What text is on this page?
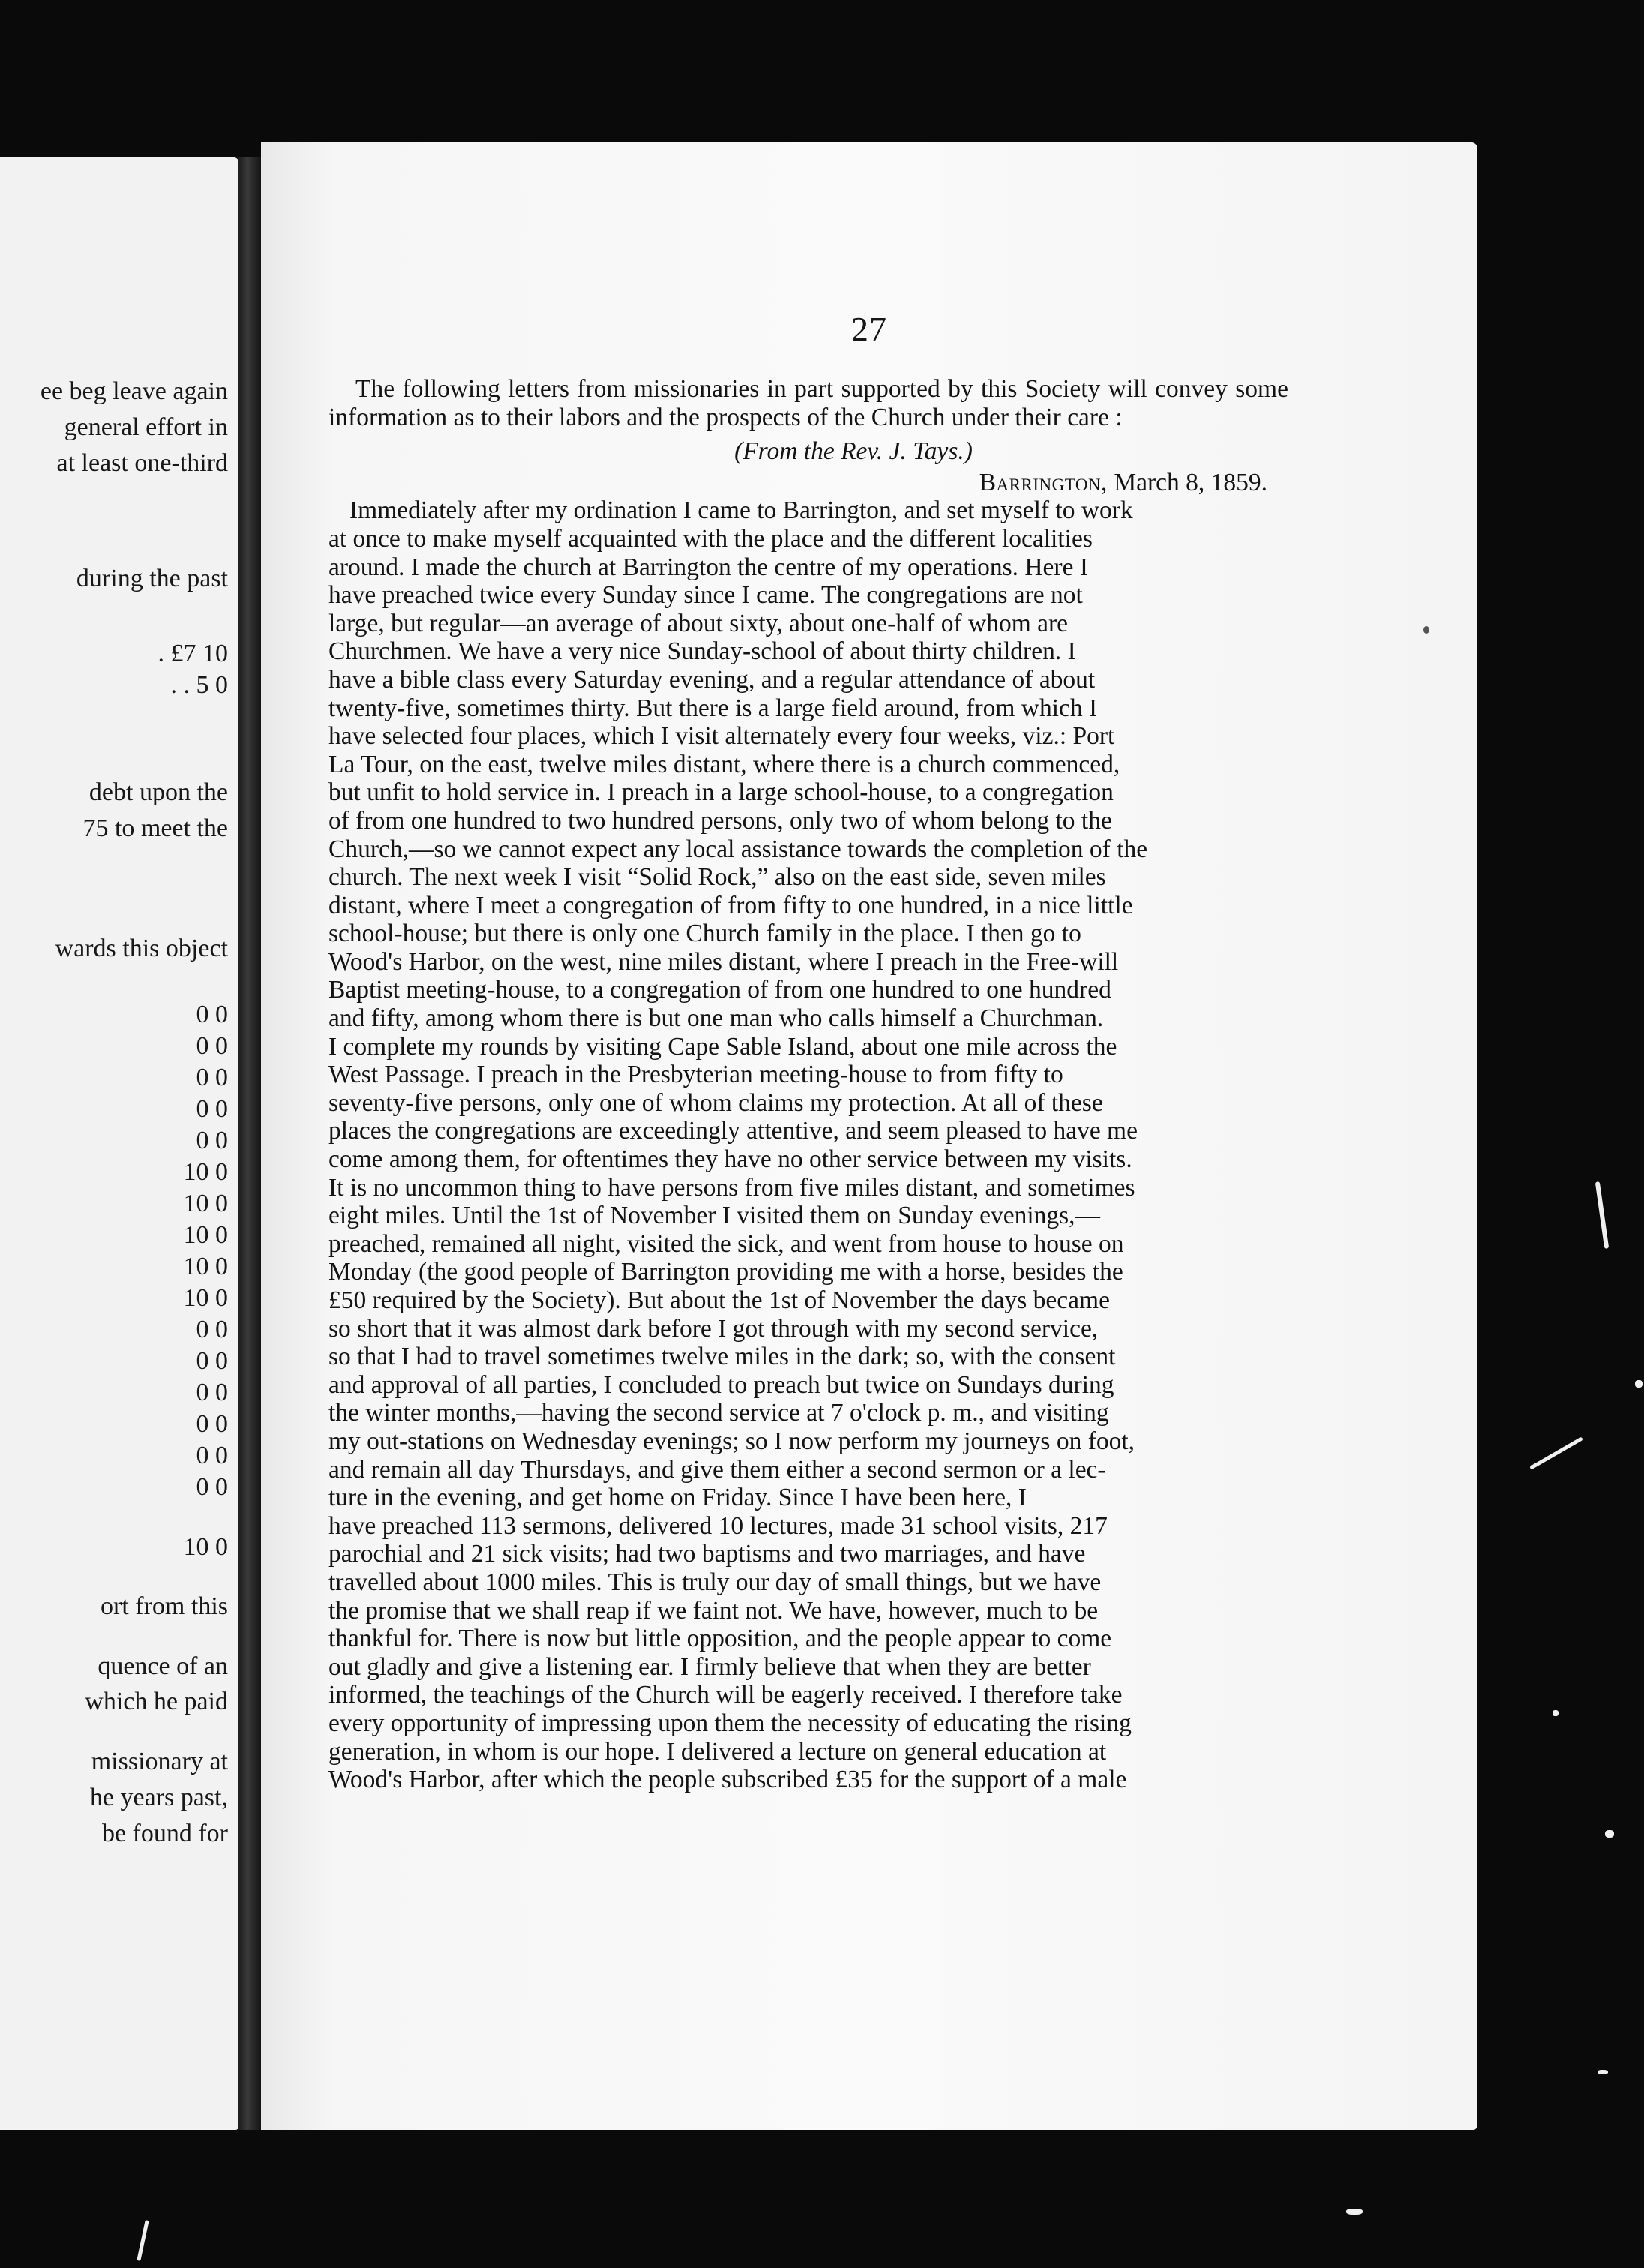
ee beg leave again
general effort in
at least one-third
during the past
. £7 10
. . 5 0
debt upon the
75 to meet the
wards this object
0 0
0 0
0 0
0 0
0 0
10 0
10 0
10 0
10 0
10 0
0 0
0 0
0 0
0 0
0 0
0 0
10 0
ort from this
quence of an
which he paid
missionary at
he years past,
be found for
27

The following letters from missionaries in part supported by this Society will convey some information as to their labors and the prospects of the Church under their care :

(From the Rev. J. Tays.)

Barrington, March 8, 1859.

Immediately after my ordination I came to Barrington, and set myself to work
at once to make myself acquainted with the place and the different localities
around. I made the church at Barrington the centre of my operations. Here I
have preached twice every Sunday since I came. The congregations are not
large, but regular—an average of about sixty, about one-half of whom are
Churchmen. We have a very nice Sunday-school of about thirty children. I
have a bible class every Saturday evening, and a regular attendance of about
twenty-five, sometimes thirty. But there is a large field around, from which I
have selected four places, which I visit alternately every four weeks, viz.: Port
La Tour, on the east, twelve miles distant, where there is a church commenced,
but unfit to hold service in. I preach in a large school-house, to a congregation
of from one hundred to two hundred persons, only two of whom belong to the
Church,—so we cannot expect any local assistance towards the completion of the
church. The next week I visit “Solid Rock,” also on the east side, seven miles
distant, where I meet a congregation of from fifty to one hundred, in a nice little
school-house; but there is only one Church family in the place. I then go to
Wood's Harbor, on the west, nine miles distant, where I preach in the Free-will
Baptist meeting-house, to a congregation of from one hundred to one hundred
and fifty, among whom there is but one man who calls himself a Churchman.
I complete my rounds by visiting Cape Sable Island, about one mile across the
West Passage. I preach in the Presbyterian meeting-house to from fifty to
seventy-five persons, only one of whom claims my protection. At all of these
places the congregations are exceedingly attentive, and seem pleased to have me
come among them, for oftentimes they have no other service between my visits.
It is no uncommon thing to have persons from five miles distant, and sometimes
eight miles. Until the 1st of November I visited them on Sunday evenings,—
preached, remained all night, visited the sick, and went from house to house on
Monday (the good people of Barrington providing me with a horse, besides the
£50 required by the Society). But about the 1st of November the days became
so short that it was almost dark before I got through with my second service,
so that I had to travel sometimes twelve miles in the dark; so, with the consent
and approval of all parties, I concluded to preach but twice on Sundays during
the winter months,—having the second service at 7 o'clock p. m., and visiting
my out-stations on Wednesday evenings; so I now perform my journeys on foot,
and remain all day Thursdays, and give them either a second sermon or a lec-
ture in the evening, and get home on Friday. Since I have been here, I
have preached 113 sermons, delivered 10 lectures, made 31 school visits, 217
parochial and 21 sick visits; had two baptisms and two marriages, and have
travelled about 1000 miles. This is truly our day of small things, but we have
the promise that we shall reap if we faint not. We have, however, much to be
thankful for. There is now but little opposition, and the people appear to come
out gladly and give a listening ear. I firmly believe that when they are better
informed, the teachings of the Church will be eagerly received. I therefore take
every opportunity of impressing upon them the necessity of educating the rising
generation, in whom is our hope. I delivered a lecture on general education at
Wood's Harbor, after which the people subscribed £35 for the support of a male
